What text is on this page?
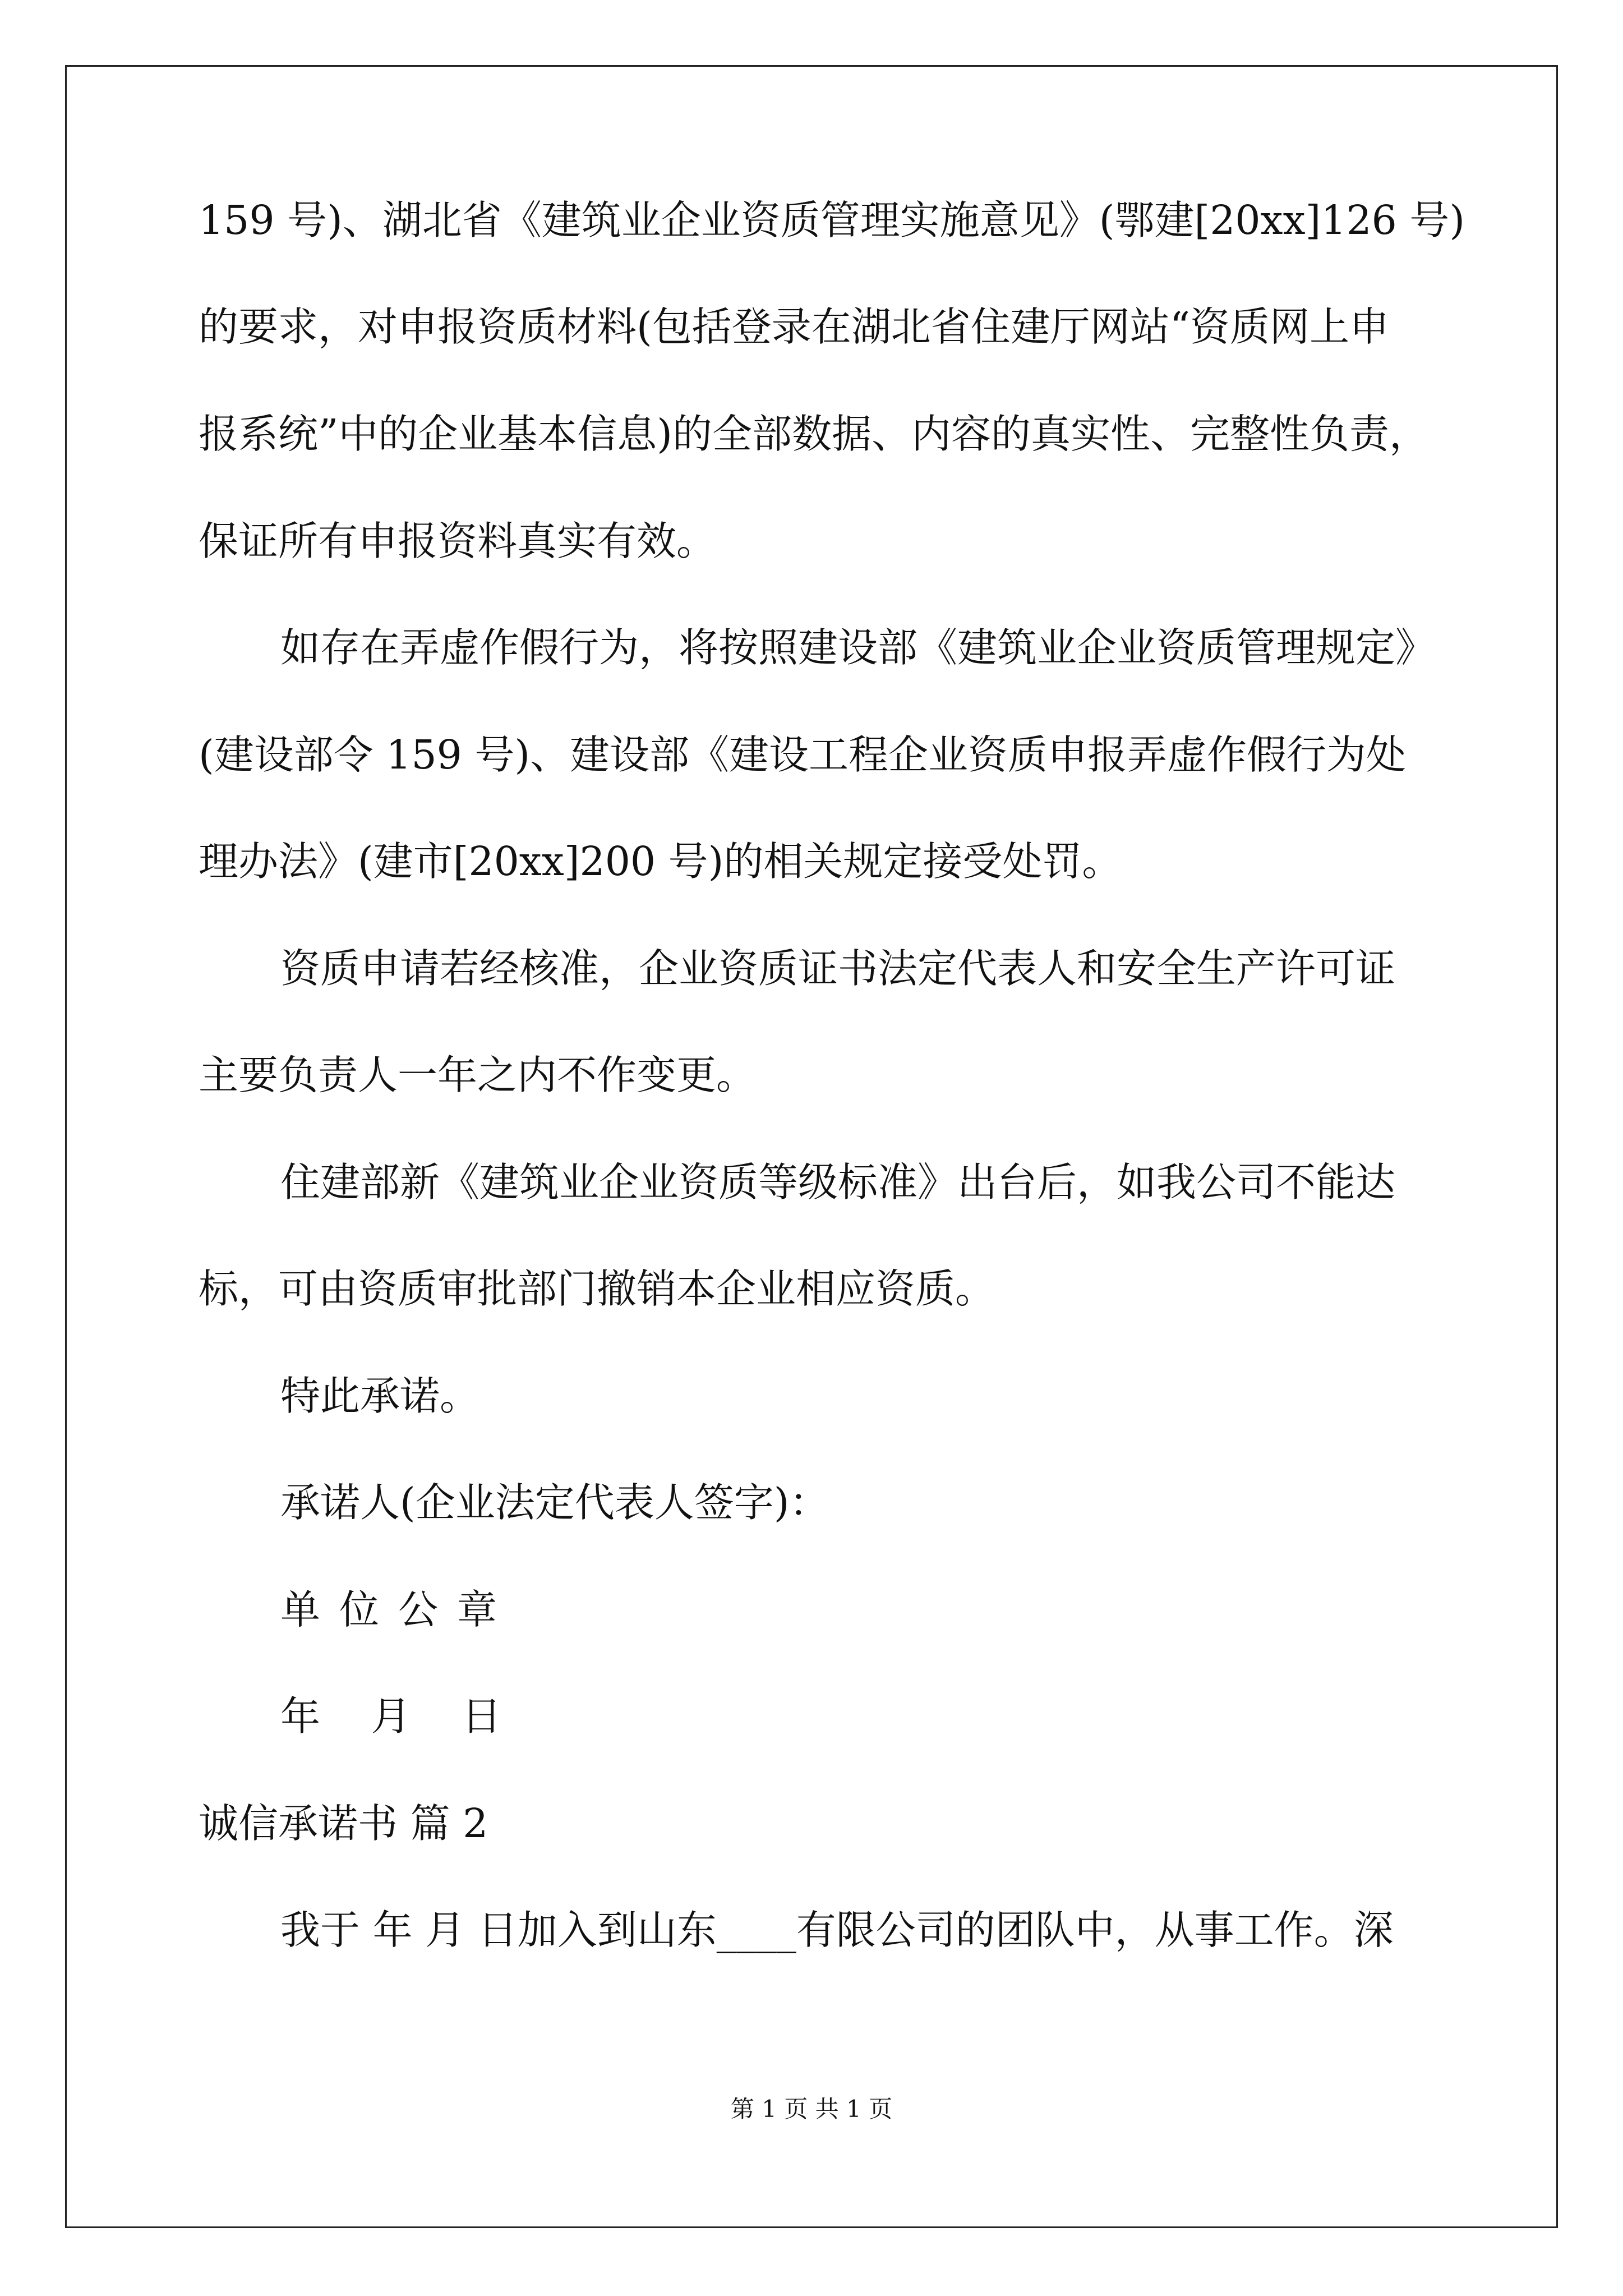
159 号)、湖北省《建筑业企业资质管理实施意见》(鄂建[20xx]126 号)
的要求，对申报资质材料(包括登录在湖北省住建厅网站“资质网上申
报系统”中的企业基本信息)的全部数据、内容的真实性、完整性负责，
保证所有申报资料真实有效。
如存在弄虚作假行为，将按照建设部《建筑业企业资质管理规定》
(建设部令 159 号)、建设部《建设工程企业资质申报弄虚作假行为处
理办法》(建市[20xx]200 号)的相关规定接受处罚。
资质申请若经核准，企业资质证书法定代表人和安全生产许可证
主要负责人一年之内不作变更。
住建部新《建筑业企业资质等级标准》出台后，如我公司不能达
标，可由资质审批部门撤销本企业相应资质。
特此承诺。
承诺人(企业法定代表人签字)：
单位公章
年 月 日
诚信承诺书 篇 2
我于 年 月 日加入到山东____有限公司的团队中，从事工作。深
第 1 页 共 1 页
